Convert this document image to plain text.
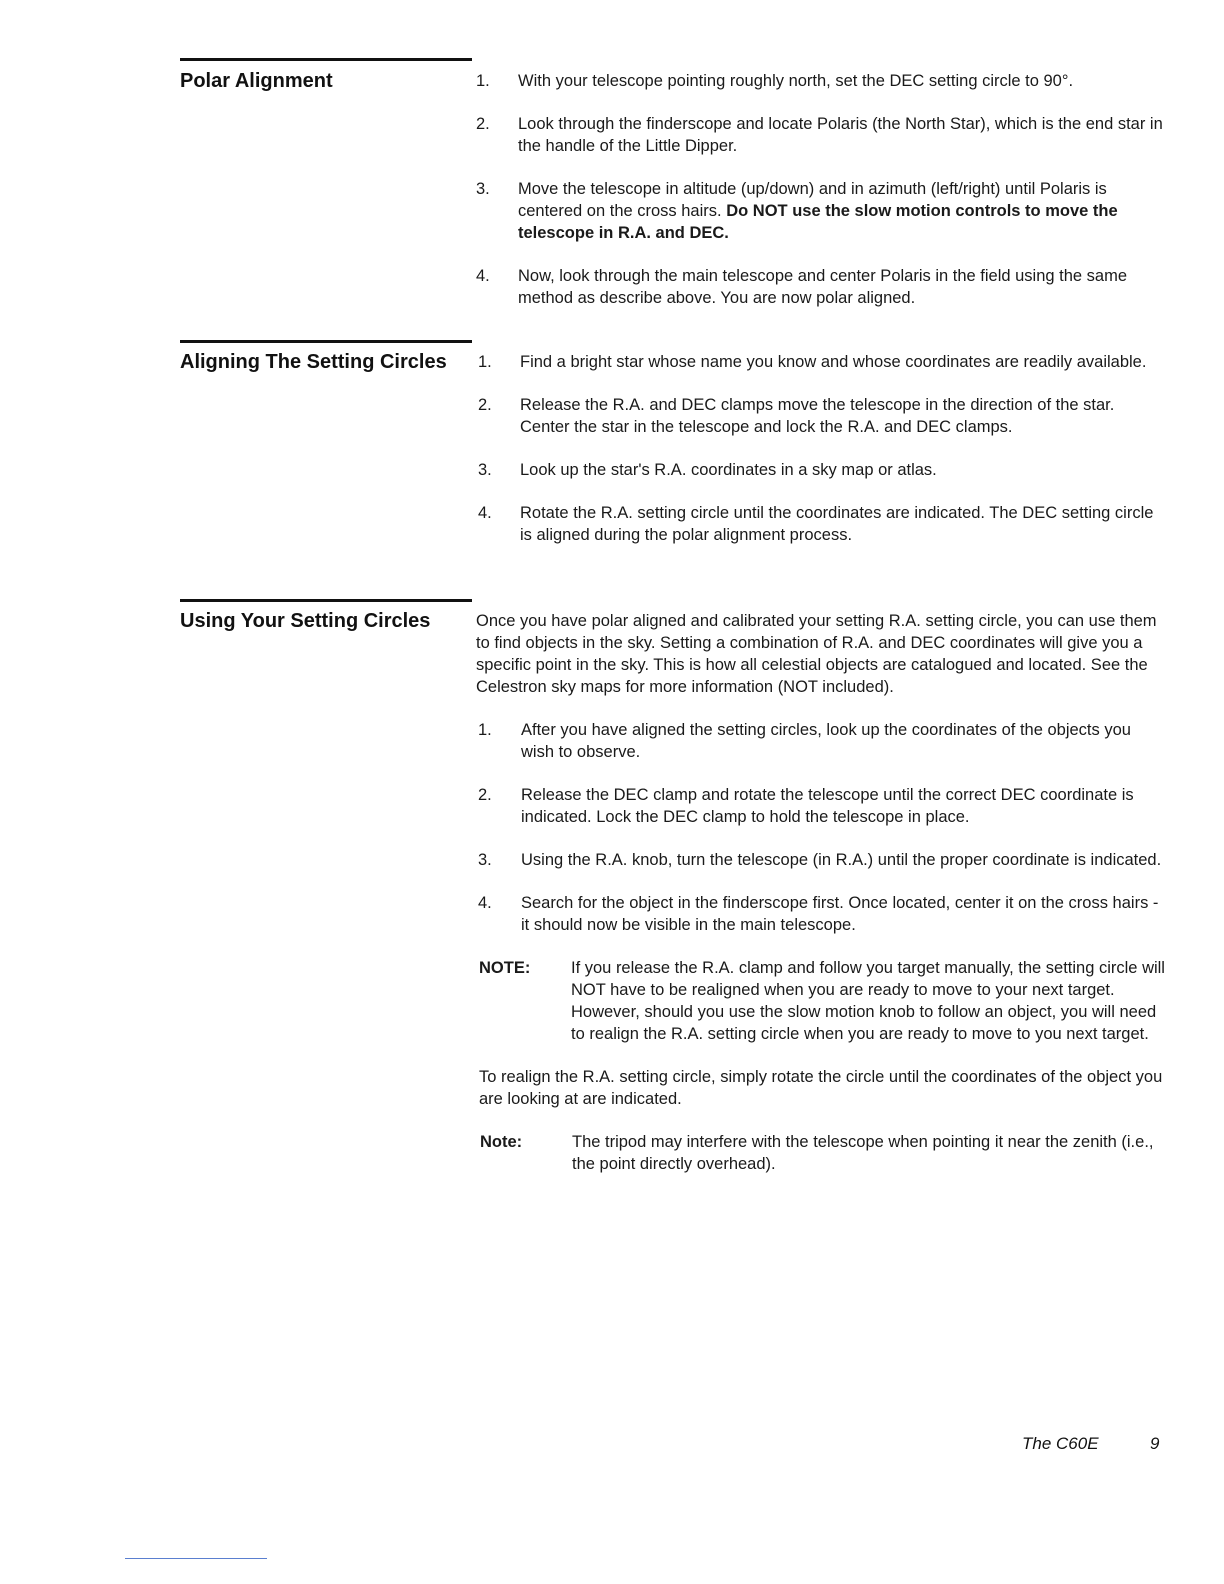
Polar Alignment	1. With your telescope pointing roughly north, set the DEC setting circle to 90°.
2. Look through the finderscope and locate Polaris (the North Star), which is the end star in the handle of the Little Dipper.
3. Move the telescope in altitude (up/down) and in azimuth (left/right) until Polaris is centered on the cross hairs. Do NOT use the slow motion controls to move the telescope in R.A. and DEC.
4. Now, look through the main telescope and center Polaris in the field using the same method as describe above. You are now polar aligned.
Aligning The Setting Circles 1. Find a bright star whose name you know and whose coordinates are readily available.
2. Release the R.A. and DEC clamps move the telescope in the direction of the star. Center the star in the telescope and lock the R.A. and DEC clamps.
3. Look up the star's R.A. coordinates in a sky map or atlas.
4. Rotate the R.A. setting circle until the coordinates are indicated. The DEC setting circle is aligned during the polar alignment process.
Using Your Setting Circles	Once you have polar aligned and calibrated your setting R.A. setting circle, you can use them to find objects in the sky. Setting a combination of R.A. and DEC coordinates will give you a specific point in the sky. This is how all celestial objects are catalogued and located. See the Celestron sky maps for more information (NOT included).
1. After you have aligned the setting circles, look up the coordinates of the objects you wish to observe.
2. Release the DEC clamp and rotate the telescope until the correct DEC coordinate is indicated. Lock the DEC clamp to hold the telescope in place.
3. Using the R.A. knob, turn the telescope (in R.A.) until the proper coordinate is indicated.
4. Search for the object in the finderscope first. Once located, center it on the cross hairs - it should now be visible in the main telescope.
NOTE: If you release the R.A. clamp and follow you target manually, the setting circle will NOT have to be realigned when you are ready to move to your next target. However, should you use the slow motion knob to follow an object, you will need to realign the R.A. setting circle when you are ready to move to you next target.
To realign the R.A. setting circle, simply rotate the circle until the coordinates of the object you are looking at are indicated.
Note:	The tripod may interfere with the telescope when pointing it near the zenith (i.e., the point directly overhead).
The C60E	9
